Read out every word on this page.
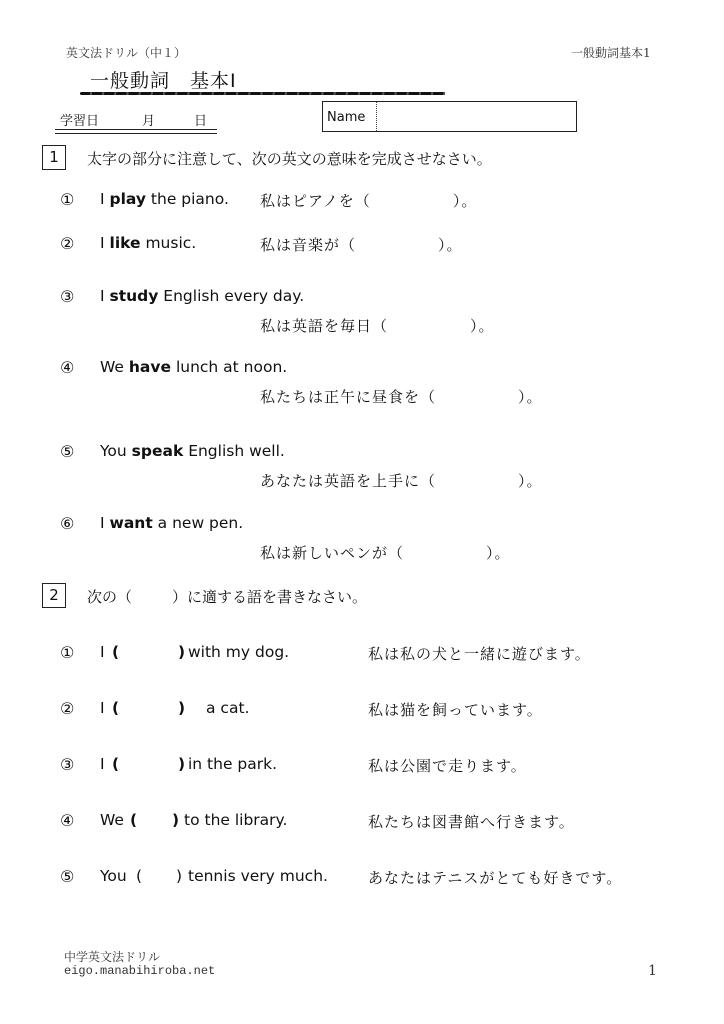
英文法ドリル（中１）	一般動詞基本1
一般動詞　基本Ⅰ
学習日	月	日	Name
1	太字の部分に注意して、次の英文の意味を完成させなさい。
① I play the piano. 私はピアノを（	）。
② I like music.	私は音楽が（	）。
③ I study English every day.
私は英語を毎日（	）。
④ We have lunch at noon.
私たちは正午に昼食を（	）。
⑤ You speak English well.
あなたは英語を上手に（	）。
⑥ I want a new pen.
私は新しいペンが（	）。
2	次の（	）に適する語を書きなさい。
① I (	) with my dog.	私は私の犬と一緒に遊びます。
② I (	) a cat.	私は猫を飼っています。
③ I (	) in the park.	私は公園で走ります。
④ We ( ) to the library.	私たちは図書館へ行きます。
⑤ You ( ) tennis very much.	あなたはテニスがとても好きです。
中学英文法ドリル
eigo.manabihiroba.net	1
